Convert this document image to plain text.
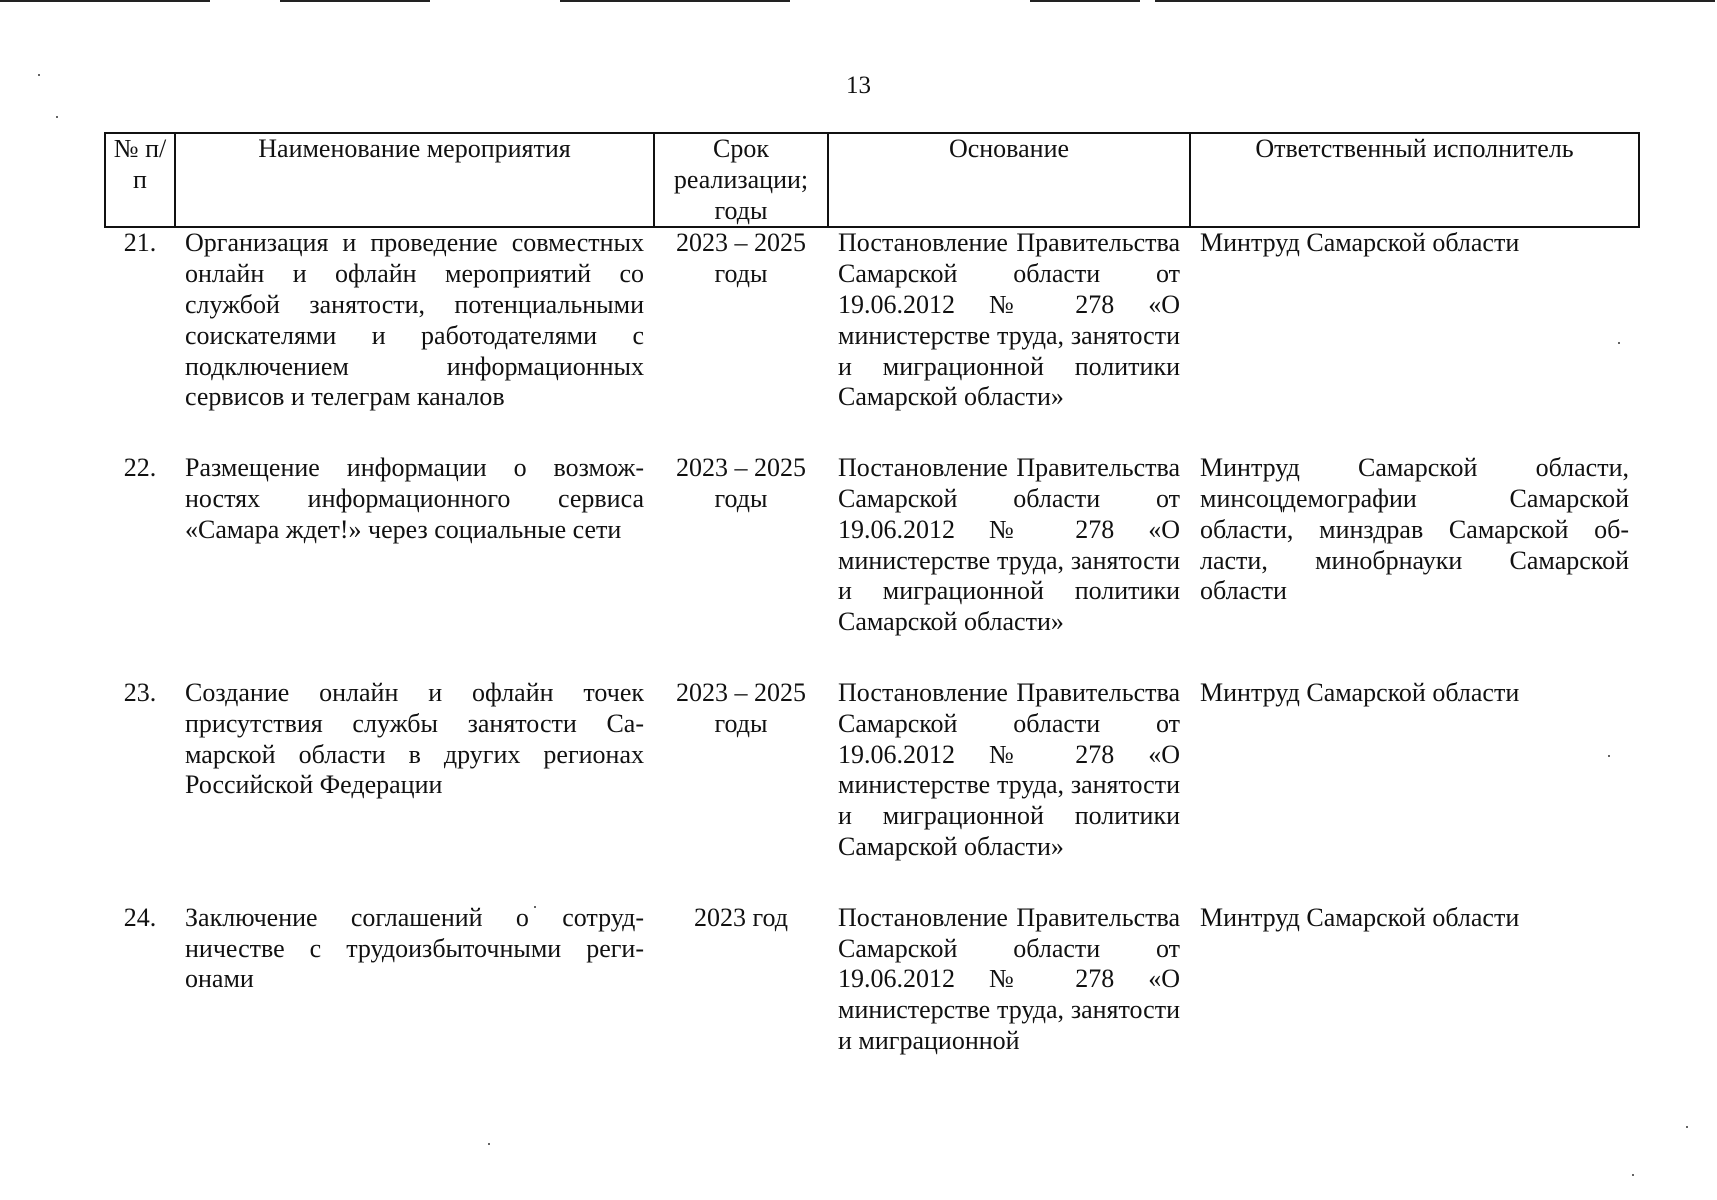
13
№ п/п	Наименование мероприятия	Срок реализации; годы	Основание	Ответственный исполнитель
21.	Организация и проведение совместных онлайн и офлайн мероприятий со службой занятости, потенциальными соискателями и работодателями с подключением информационных сервисов и телеграм каналов	2023 – 2025 годы	Постановление Правительства Самарской области от 19.06.2012 № 278 «О министерстве труда, занятости и миграционной политики Самарской области»	Минтруд Самарской области
22.	Размещение информации о возможностях информационного сервиса «Самара ждет!» через социальные сети	2023 – 2025 годы	Постановление Правительства Самарской области от 19.06.2012 № 278 «О министерстве труда, занятости и миграционной политики Самарской области»	Минтруд Самарской области, минсоцдемографии Самарской области, минздрав Самарской области, минобрнауки Самарской области
23.	Создание онлайн и офлайн точек присутствия службы занятости Самарской области в других регионах Российской Федерации	2023 – 2025 годы	Постановление Правительства Самарской области от 19.06.2012 № 278 «О министерстве труда, занятости и миграционной политики Самарской области»	Минтруд Самарской области
24.	Заключение соглашений о сотрудничестве с трудоизбыточными регионами	2023 год	Постановление Правительства Самарской области от 19.06.2012 № 278 «О министерстве труда, занятости и миграционной	Минтруд Самарской области
